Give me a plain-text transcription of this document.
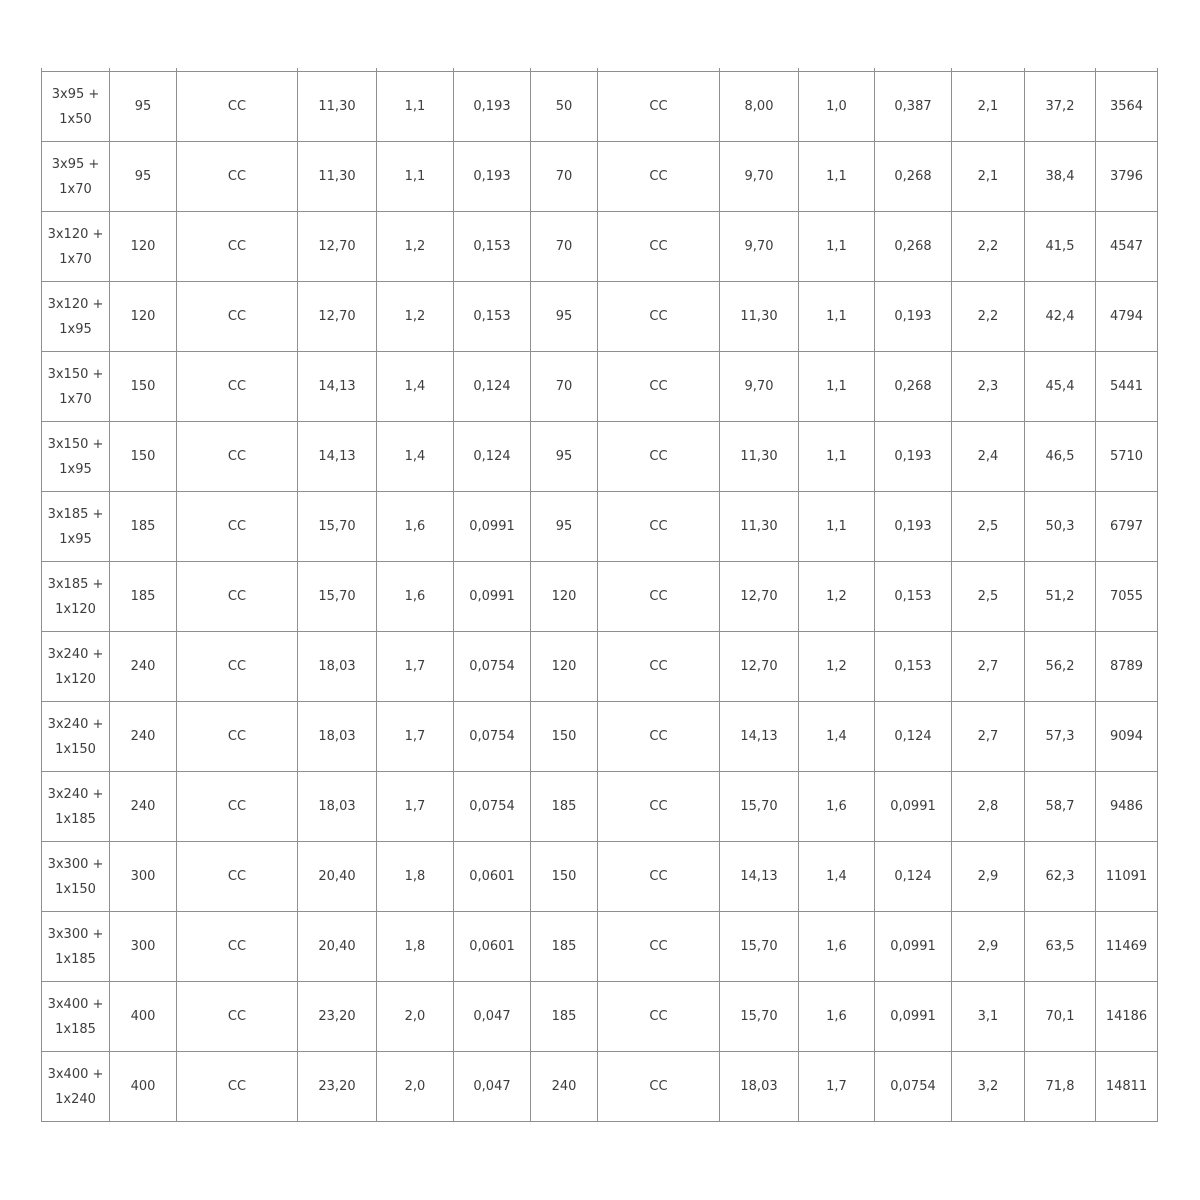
3x95 +
1x50	95	CC	11,30	1,1	0,193	50	CC	8,00	1,0	0,387	2,1	37,2	3564

3x95 +
1x70	95	CC	11,30	1,1	0,193	70	CC	9,70	1,1	0,268	2,1	38,4	3796

3x120 +
1x70	120	CC	12,70	1,2	0,153	70	CC	9,70	1,1	0,268	2,2	41,5	4547

3x120 +
1x95	120	CC	12,70	1,2	0,153	95	CC	11,30	1,1	0,193	2,2	42,4	4794

3x150 +
1x70	150	CC	14,13	1,4	0,124	70	CC	9,70	1,1	0,268	2,3	45,4	5441

3x150 +
1x95	150	CC	14,13	1,4	0,124	95	CC	11,30	1,1	0,193	2,4	46,5	5710

3x185 +
1x95	185	CC	15,70	1,6	0,0991	95	CC	11,30	1,1	0,193	2,5	50,3	6797

3x185 +
1x120	185	CC	15,70	1,6	0,0991	120	CC	12,70	1,2	0,153	2,5	51,2	7055

3x240 +
1x120	240	CC	18,03	1,7	0,0754	120	CC	12,70	1,2	0,153	2,7	56,2	8789

3x240 +
1x150	240	CC	18,03	1,7	0,0754	150	CC	14,13	1,4	0,124	2,7	57,3	9094

3x240 +
1x185	240	CC	18,03	1,7	0,0754	185	CC	15,70	1,6	0,0991	2,8	58,7	9486

3x300 +
1x150	300	CC	20,40	1,8	0,0601	150	CC	14,13	1,4	0,124	2,9	62,3	11091

3x300 +
1x185	300	CC	20,40	1,8	0,0601	185	CC	15,70	1,6	0,0991	2,9	63,5	11469

3x400 +
1x185	400	CC	23,20	2,0	0,047	185	CC	15,70	1,6	0,0991	3,1	70,1	14186

3x400 +
1x240	400	CC	23,20	2,0	0,047	240	CC	18,03	1,7	0,0754	3,2	71,8	14811
